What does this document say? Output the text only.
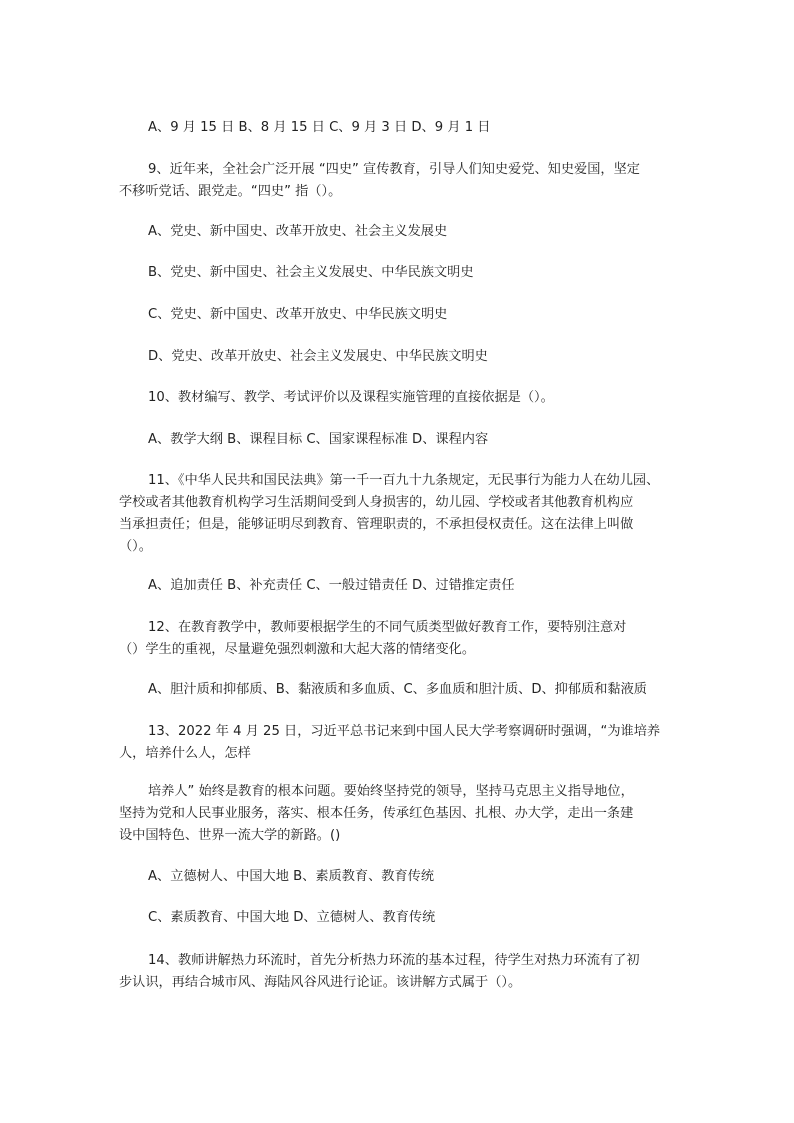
A、9 月 15 日 B、8 月 15 日 C、9 月 3 日 D、9 月 1 日

9、近年来，全社会广泛开展 “四史” 宣传教育，引导人们知史爱党、知史爱国，坚定
不移听党话、跟党走。“四史” 指（）。

A、党史、新中国史、改革开放史、社会主义发展史

B、党史、新中国史、社会主义发展史、中华民族文明史

C、党史、新中国史、改革开放史、中华民族文明史

D、党史、改革开放史、社会主义发展史、中华民族文明史

10、教材编写、教学、考试评价以及课程实施管理的直接依据是（）。

A、教学大纲 B、课程目标 C、国家课程标准 D、课程内容

11、《中华人民共和国民法典》第一千一百九十九条规定，无民事行为能力人在幼儿园、
学校或者其他教育机构学习生活期间受到人身损害的，幼儿园、学校或者其他教育机构应
当承担责任；但是，能够证明尽到教育、管理职责的，不承担侵权责任。这在法律上叫做
（）。

A、追加责任 B、补充责任 C、一般过错责任 D、过错推定责任

12、在教育教学中，教师要根据学生的不同气质类型做好教育工作，要特别注意对
（）学生的重视，尽量避免强烈刺激和大起大落的情绪变化。

A、胆汁质和抑郁质、B、黏液质和多血质、C、多血质和胆汁质、D、抑郁质和黏液质

13、2022 年 4 月 25 日，习近平总书记来到中国人民大学考察调研时强调，“为谁培养
人，培养什么人，怎样

培养人” 始终是教育的根本问题。要始终坚持党的领导，坚持马克思主义指导地位，
坚持为党和人民事业服务，落实、根本任务，传承红色基因、扎根、办大学，走出一条建
设中国特色、世界一流大学的新路。()

A、立德树人、中国大地 B、素质教育、教育传统

C、素质教育、中国大地 D、立德树人、教育传统

14、教师讲解热力环流时，首先分析热力环流的基本过程，待学生对热力环流有了初
步认识，再结合城市风、海陆风谷风进行论证。该讲解方式属于（）。
